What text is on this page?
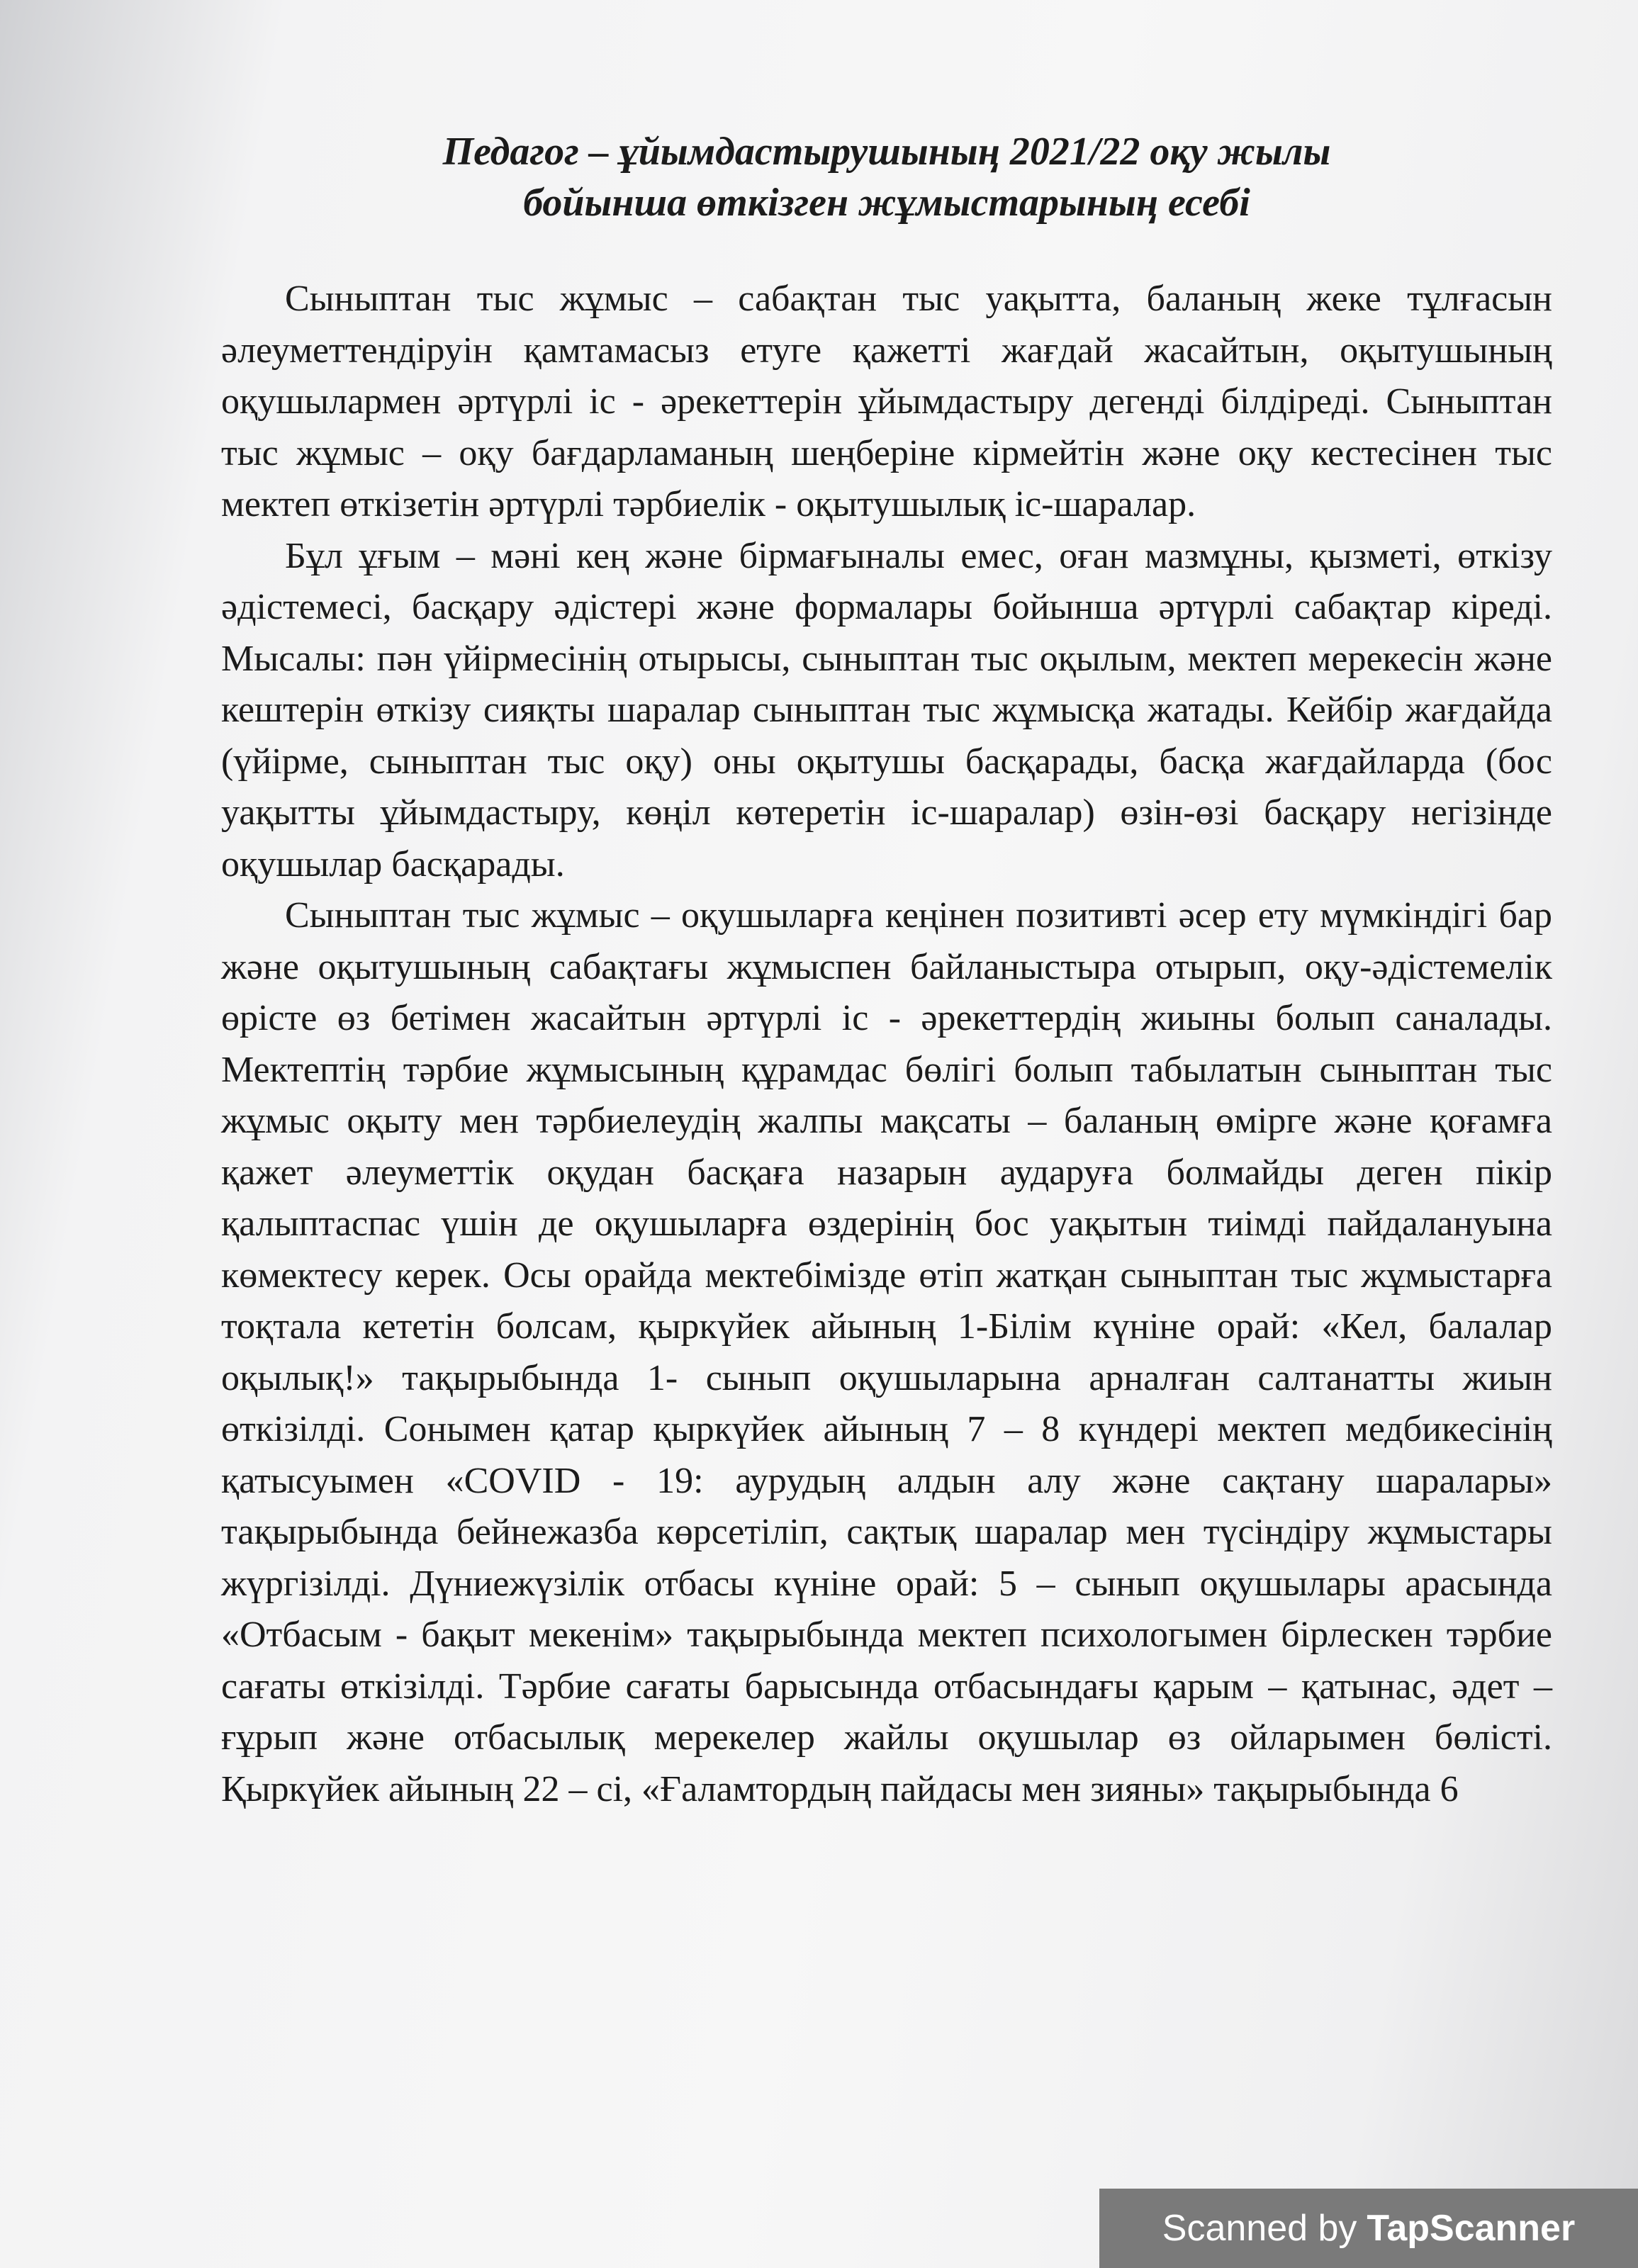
Педагог – ұйымдастырушының 2021/22 оқу жылы
бойынша өткізген жұмыстарының есебі

Сыныптан тыс жұмыс – сабақтан тыс уақытта, баланың жеке тұлғасын әлеуметтендіруін қамтамасыз етуге қажетті жағдай жасайтын, оқытушының оқушылармен әртүрлі іс - әрекеттерін ұйымдастыру дегенді білдіреді. Сыныптан тыс жұмыс – оқу бағдарламаның шеңберіне кірмейтін және оқу кестесінен тыс мектеп өткізетін әртүрлі тәрбиелік - оқытушылық іс-шаралар.

Бұл ұғым – мәні кең және бірмағыналы емес, оған мазмұны, қызметі, өткізу әдістемесі, басқару әдістері және формалары бойынша әртүрлі сабақтар кіреді. Мысалы: пән үйірмесінің отырысы, сыныптан тыс оқылым, мектеп мерекесін және кештерін өткізу сияқты шаралар сыныптан тыс жұмысқа жатады. Кейбір жағдайда (үйірме, сыныптан тыс оқу) оны оқытушы басқарады, басқа жағдайларда (бос уақытты ұйымдастыру, көңіл көтеретін іс-шаралар) өзін-өзі басқару негізінде оқушылар басқарады.

Сыныптан тыс жұмыс – оқушыларға кеңінен позитивті әсер ету мүмкіндігі бар және оқытушының сабақтағы жұмыспен байланыстыра отырып, оқу-әдістемелік өрісте өз бетімен жасайтын әртүрлі іс - әрекеттердің жиыны болып саналады. Мектептің тәрбие жұмысының құрамдас бөлігі болып табылатын сыныптан тыс жұмыс оқыту мен тәрбиелеудің жалпы мақсаты – баланың өмірге және қоғамға қажет әлеуметтік оқудан басқаға назарын аударуға болмайды деген пікір қалыптаспас үшін де оқушыларға өздерінің бос уақытын тиімді пайдалануына көмектесу керек. Осы орайда мектебімізде өтіп жатқан сыныптан тыс жұмыстарға тоқтала кететін болсам, қыркүйек айының 1-Білім күніне орай: «Кел, балалар оқылық!» тақырыбында 1- сынып оқушыларына арналған салтанатты жиын өткізілді. Сонымен қатар қыркүйек айының 7 – 8 күндері мектеп медбикесінің қатысуымен «COVID - 19: аурудың алдын алу және сақтану шаралары» тақырыбында бейнежазба көрсетіліп, сақтық шаралар мен түсіндіру жұмыстары жүргізілді. Дүниежүзілік отбасы күніне орай: 5 – сынып оқушылары арасында «Отбасым - бақыт мекенім» тақырыбында мектеп психологымен бірлескен тәрбие сағаты өткізілді. Тәрбие сағаты барысында отбасындағы қарым – қатынас, әдет – ғұрып және отбасылық мерекелер жайлы оқушылар өз ойларымен бөлісті. Қыркүйек айының 22 – сі, «Ғаламтордың пайдасы мен зияны» тақырыбында 6

Scanned by TapScanner
